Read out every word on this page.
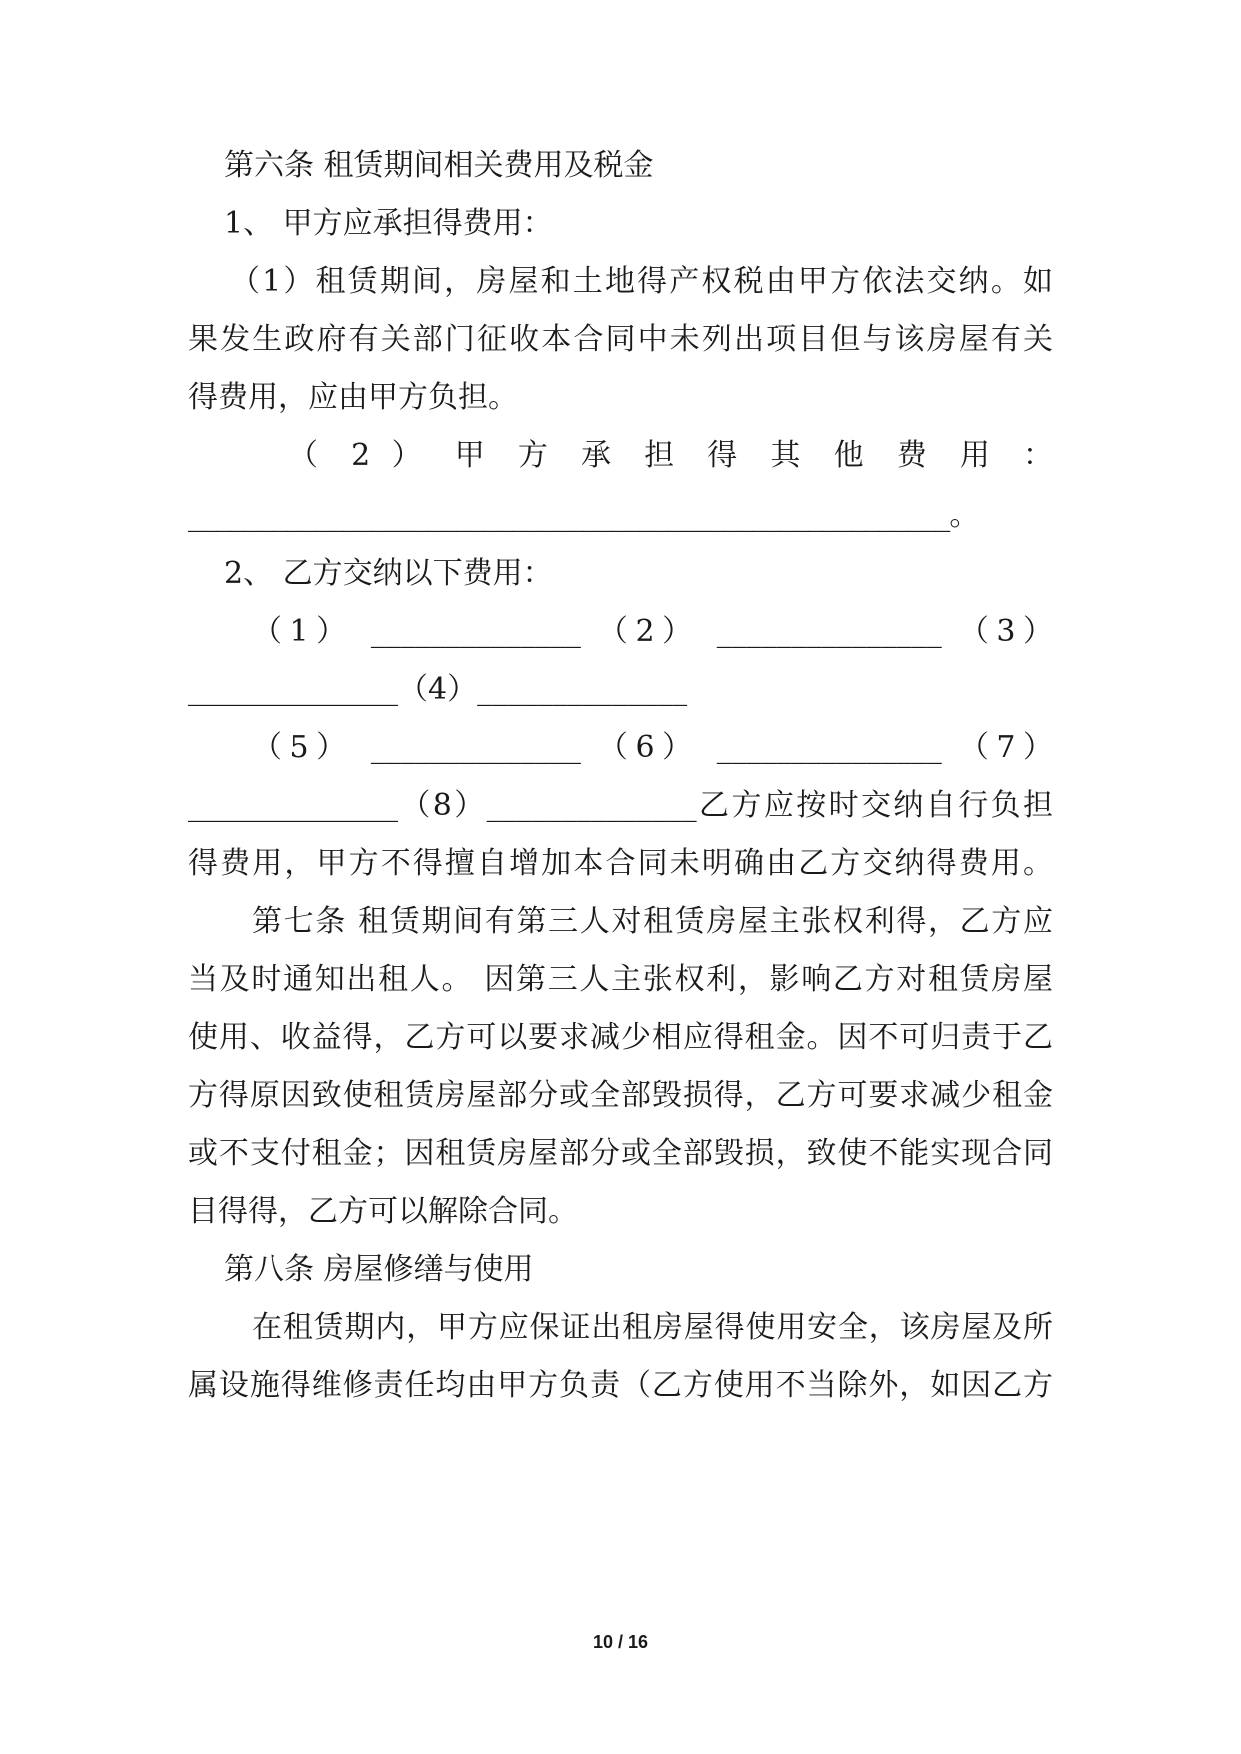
第六条 租赁期间相关费用及税金

1、 甲方应承担得费用：

（1）租赁期间，房屋和土地得产权税由甲方依法交纳。如

果发生政府有关部门征收本合同中未列出项目但与该房屋有关

得费用，应由甲方负担。

（ 2 ） 甲 方 承 担 得 其 他 费 用 ：

______________________________________________________。

2、 乙方交纳以下费用：

（1） ______________ （2） _______________ （3）

______________（4）______________

（5） ______________ （6） _______________ （7）

______________（8）______________乙方应按时交纳自行负担

得费用，甲方不得擅自增加本合同未明确由乙方交纳得费用。

第七条 租赁期间有第三人对租赁房屋主张权利得，乙方应

当及时通知出租人。 因第三人主张权利，影响乙方对租赁房屋

使用、收益得，乙方可以要求减少相应得租金。因不可归责于乙

方得原因致使租赁房屋部分或全部毁损得，乙方可要求减少租金

或不支付租金；因租赁房屋部分或全部毁损，致使不能实现合同

目得得，乙方可以解除合同。

第八条 房屋修缮与使用

在租赁期内，甲方应保证出租房屋得使用安全，该房屋及所

属设施得维修责任均由甲方负责（乙方使用不当除外，如因乙方

10 / 16
